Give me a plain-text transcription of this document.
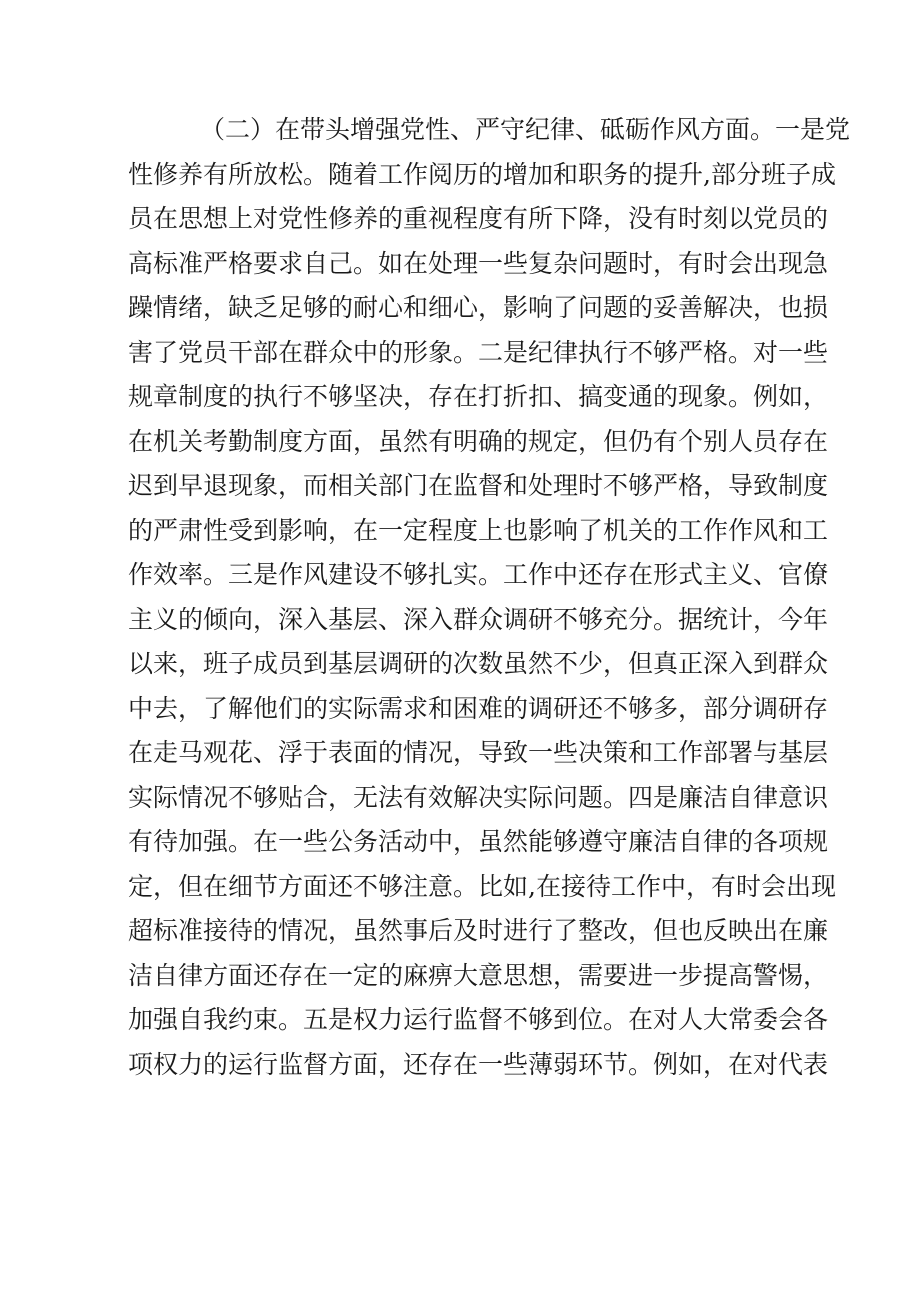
（二）在带头增强党性、严守纪律、砥砺作风方面。一是党
性修养有所放松。随着工作阅历的增加和职务的提升,部分班子成
员在思想上对党性修养的重视程度有所下降，没有时刻以党员的
高标准严格要求自己。如在处理一些复杂问题时，有时会出现急
躁情绪，缺乏足够的耐心和细心，影响了问题的妥善解决，也损
害了党员干部在群众中的形象。二是纪律执行不够严格。对一些
规章制度的执行不够坚决，存在打折扣、搞变通的现象。例如，
在机关考勤制度方面，虽然有明确的规定，但仍有个别人员存在
迟到早退现象，而相关部门在监督和处理时不够严格，导致制度
的严肃性受到影响，在一定程度上也影响了机关的工作作风和工
作效率。三是作风建设不够扎实。工作中还存在形式主义、官僚
主义的倾向，深入基层、深入群众调研不够充分。据统计，今年
以来，班子成员到基层调研的次数虽然不少，但真正深入到群众
中去，了解他们的实际需求和困难的调研还不够多，部分调研存
在走马观花、浮于表面的情况，导致一些决策和工作部署与基层
实际情况不够贴合，无法有效解决实际问题。四是廉洁自律意识
有待加强。在一些公务活动中，虽然能够遵守廉洁自律的各项规
定，但在细节方面还不够注意。比如,在接待工作中，有时会出现
超标准接待的情况，虽然事后及时进行了整改，但也反映出在廉
洁自律方面还存在一定的麻痹大意思想，需要进一步提高警惕，
加强自我约束。五是权力运行监督不够到位。在对人大常委会各
项权力的运行监督方面，还存在一些薄弱环节。例如，在对代表
